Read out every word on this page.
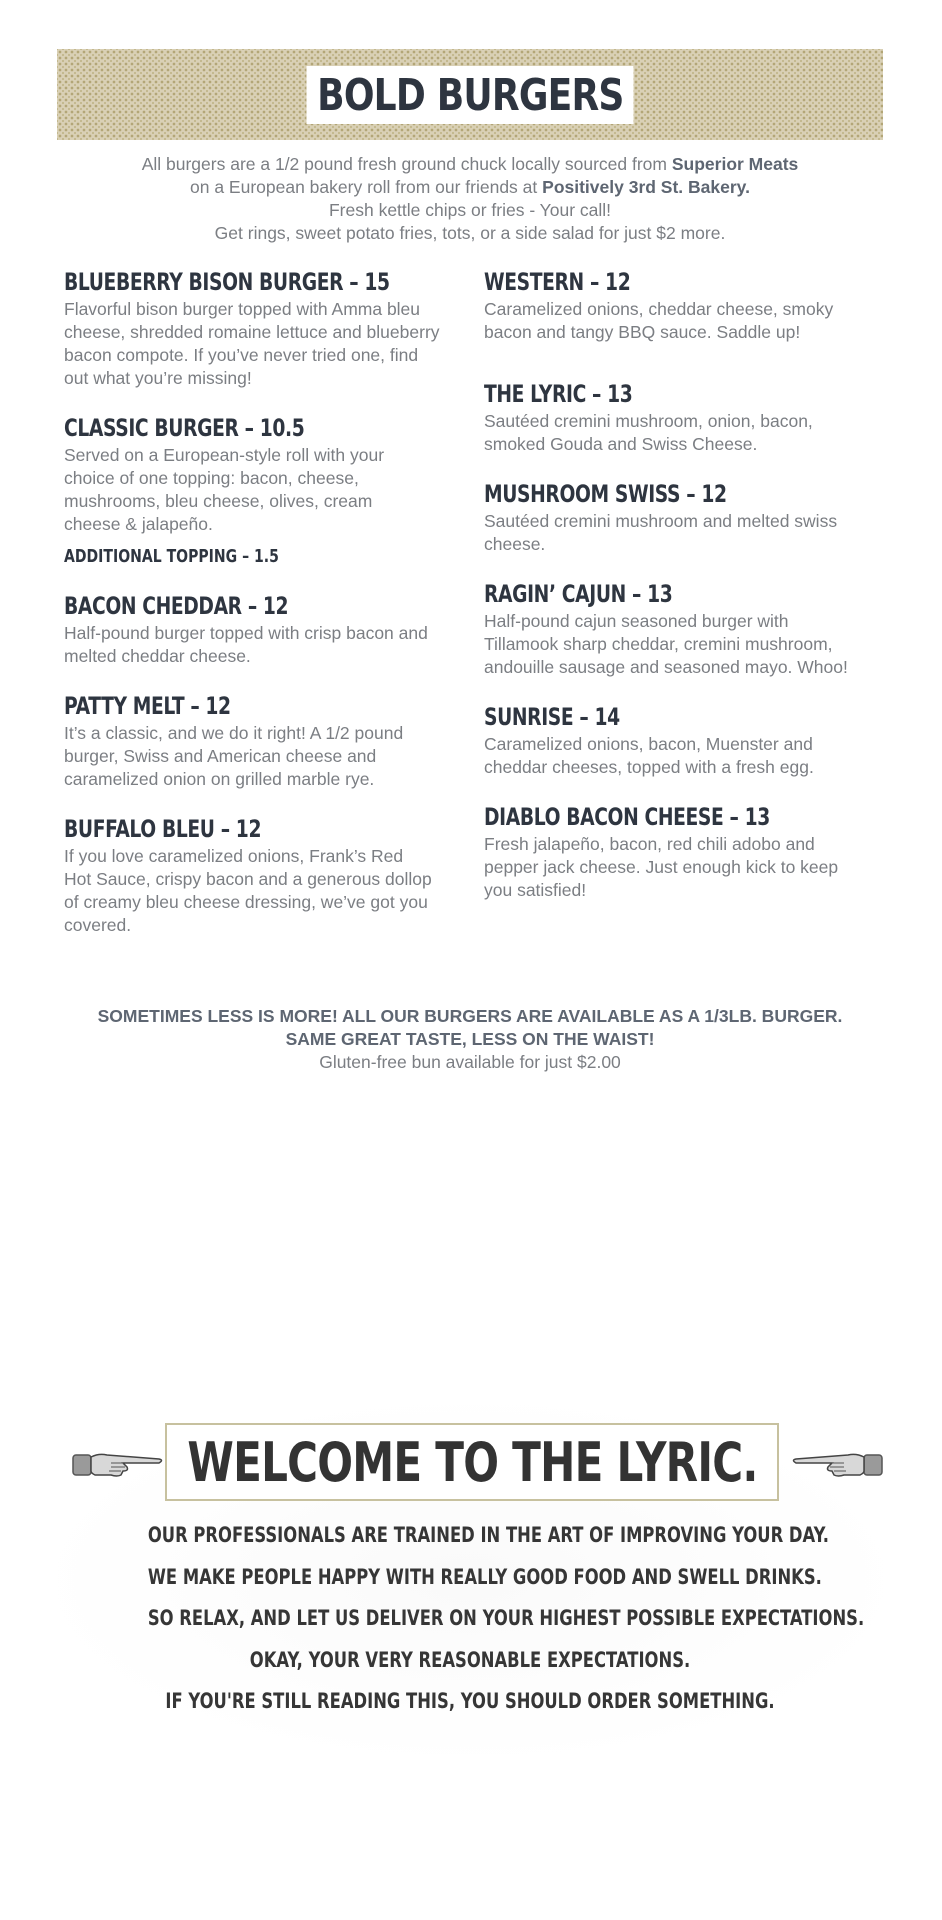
BOLD BURGERS
All burgers are a 1/2 pound fresh ground chuck locally sourced from Superior Meats
on a European bakery roll from our friends at Positively 3rd St. Bakery.
Fresh kettle chips or fries - Your call!
Get rings, sweet potato fries, tots, or a side salad for just $2 more.
BLUEBERRY BISON BURGER – 15
Flavorful bison burger topped with Amma bleu cheese, shredded romaine lettuce and blueberry bacon compote. If you’ve never tried one, find out what you’re missing!
CLASSIC BURGER – 10.5
Served on a European-style roll with your choice of one topping: bacon, cheese, mushrooms, bleu cheese, olives, cream cheese & jalapeño.
ADDITIONAL TOPPING – 1.5
BACON CHEDDAR – 12
Half-pound burger topped with crisp bacon and melted cheddar cheese.
PATTY MELT – 12
It’s a classic, and we do it right! A 1/2 pound burger, Swiss and American cheese and caramelized onion on grilled marble rye.
BUFFALO BLEU – 12
If you love caramelized onions, Frank’s Red Hot Sauce, crispy bacon and a generous dollop of creamy bleu cheese dressing, we’ve got you covered.
WESTERN – 12
Caramelized onions, cheddar cheese, smoky bacon and tangy BBQ sauce. Saddle up!
THE LYRIC – 13
Sautéed cremini mushroom, onion, bacon, smoked Gouda and Swiss Cheese.
MUSHROOM SWISS – 12
Sautéed cremini mushroom and melted swiss cheese.
RAGIN’ CAJUN – 13
Half-pound cajun seasoned burger with Tillamook sharp cheddar, cremini mushroom, andouille sausage and seasoned mayo. Whoo!
SUNRISE – 14
Caramelized onions, bacon, Muenster and cheddar cheeses, topped with a fresh egg.
DIABLO BACON CHEESE – 13
Fresh jalapeño, bacon, red chili adobo and pepper jack cheese. Just enough kick to keep you satisfied!
SOMETIMES LESS IS MORE! ALL OUR BURGERS ARE AVAILABLE AS A 1/3LB. BURGER.
SAME GREAT TASTE, LESS ON THE WAIST!
Gluten-free bun available for just $2.00
WELCOME TO THE LYRIC.
OUR PROFESSIONALS ARE TRAINED IN THE ART OF IMPROVING YOUR DAY.
WE MAKE PEOPLE HAPPY WITH REALLY GOOD FOOD AND SWELL DRINKS.
SO RELAX, AND LET US DELIVER ON YOUR HIGHEST POSSIBLE EXPECTATIONS.
OKAY, YOUR VERY REASONABLE EXPECTATIONS.
IF YOU'RE STILL READING THIS, YOU SHOULD ORDER SOMETHING.
